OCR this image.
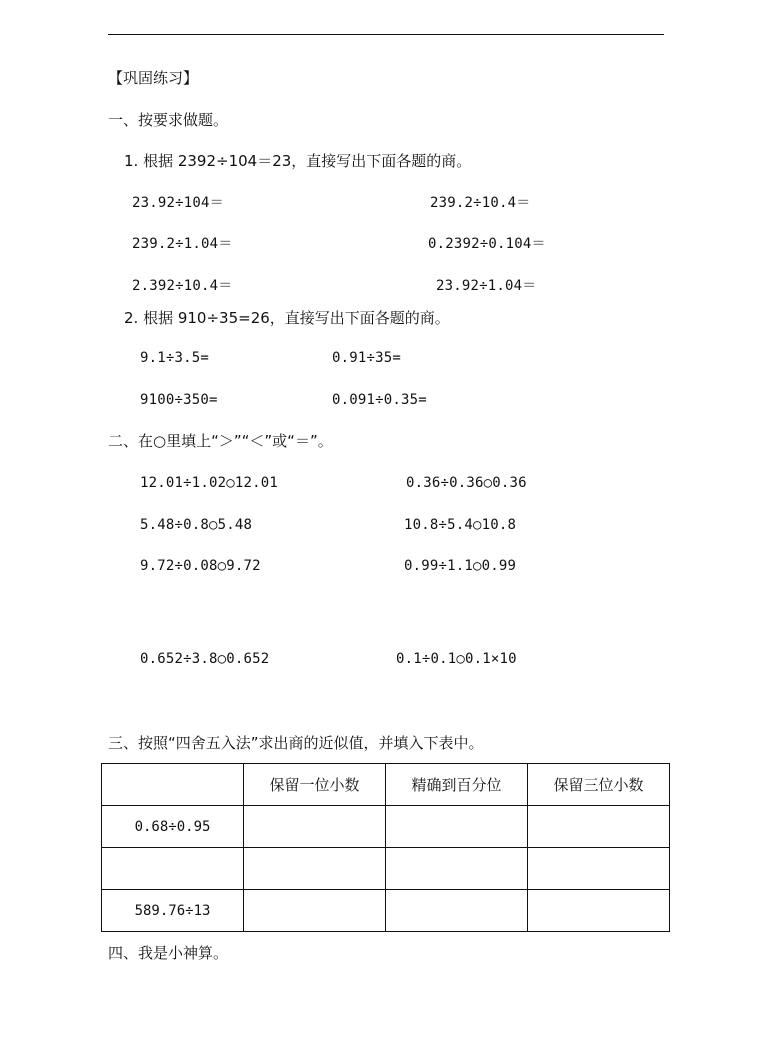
【巩固练习】
一、按要求做题。
1. 根据 2392÷104＝23，直接写出下面各题的商。
23.92÷104＝	239.2÷10.4＝
239.2÷1.04＝	0.2392÷0.104＝
2.392÷10.4＝	23.92÷1.04＝
2. 根据 910÷35=26，直接写出下面各题的商。
9.1÷3.5=	0.91÷35=
9100÷350=	0.091÷0.35=
二、在○里填上“＞”“＜”或“＝”。
12.01÷1.02○12.01	0.36÷0.36○0.36
5.48÷0.8○5.48	10.8÷5.4○10.8
9.72÷0.08○9.72	0.99÷1.1○0.99
0.652÷3.8○0.652	0.1÷0.1○0.1×10
三、按照“四舍五入法”求出商的近似值，并填入下表中。
	保留一位小数	精确到百分位	保留三位小数
0.68÷0.95			

589.76÷13			
四、我是小神算。
